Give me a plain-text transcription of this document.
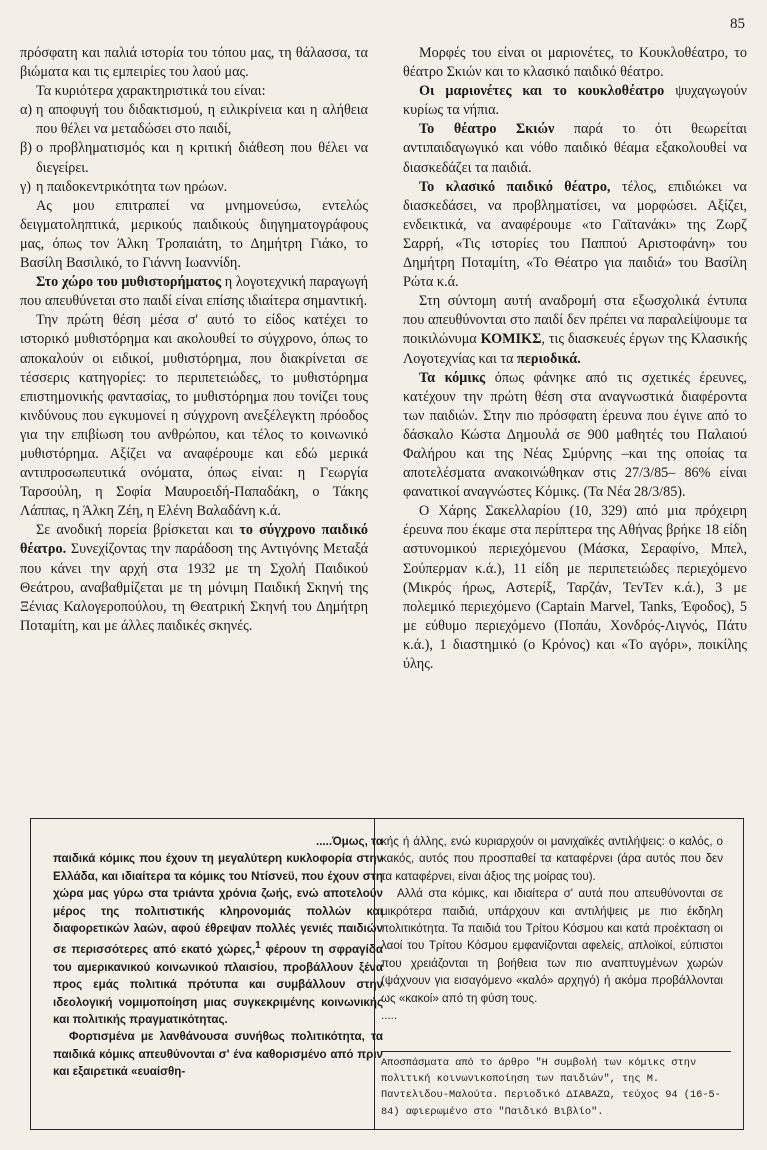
85

πρόσφατη και παλιά ιστορία του τόπου μας, τη θάλασσα, τα βιώματα και τις εμπειρίες του λαού μας.

Τα κυριότερα χαρακτηριστικά του είναι:

α) η αποφυγή του διδακτισμού, η ειλικρίνεια και η αλήθεια που θέλει να μεταδώσει στο παιδί,

β) ο προβληματισμός και η κριτική διάθεση που θέλει να διεγείρει.

γ) η παιδοκεντρικότητα των ηρώων.

Ας μου επιτραπεί να μνημονεύσω, εντελώς δειγματοληπτικά, μερικούς παιδικούς διηγηματογράφους μας, όπως τον Άλκη Τροπαιάτη, το Δημήτρη Γιάκο, το Βασίλη Βασιλικό, το Γιάννη Ιωαννίδη.

Στο χώρο του μυθιστορήματος η λογοτεχνική παραγωγή που απευθύνεται στο παιδί είναι επίσης ιδιαίτερα σημαντική.

Την πρώτη θέση μέσα σ' αυτό το είδος κατέχει το ιστορικό μυθιστόρημα και ακολουθεί το σύγχρονο, όπως το αποκαλούν οι ειδικοί, μυθιστόρημα, που διακρίνεται σε τέσσερις κατηγορίες: το περιπετειώδες, το μυθιστόρημα επιστημονικής φαντασίας, το μυθιστόρημα που τονίζει τους κινδύνους που εγκυμονεί η σύγχρονη ανεξέλεγκτη πρόοδος για την επιβίωση του ανθρώπου, και τέλος το κοινωνικό μυθιστόρημα. Αξίζει να αναφέρουμε και εδώ μερικά αντιπροσωπευτικά ονόματα, όπως είναι: η Γεωργία Ταρσούλη, η Σοφία Μαυροειδή-Παπαδάκη, ο Τάκης Λάππας, η Άλκη Ζέη, η Ελένη Βαλαδάνη κ.ά.

Σε ανοδική πορεία βρίσκεται και το σύγχρονο παιδικό θέατρο. Συνεχίζοντας την παράδοση της Αντιγόνης Μεταξά που κάνει την αρχή στα 1932 με τη Σχολή Παιδικού Θεάτρου, αναβαθμίζεται με τη μόνιμη Παιδική Σκηνή της Ξένιας Καλογεροπούλου, τη Θεατρική Σκηνή του Δημήτρη Ποταμίτη, και με άλλες παιδικές σκηνές.

Μορφές του είναι οι μαριονέτες, το Κουκλοθέατρο, το θέατρο Σκιών και το κλασικό παιδικό θέατρο.

Οι μαριονέτες και το κουκλοθέατρο ψυχαγωγούν κυρίως τα νήπια.

Το θέατρο Σκιών παρά το ότι θεωρείται αντιπαιδαγωγικό και νόθο παιδικό θέαμα εξακολουθεί να διασκεδάζει τα παιδιά.

Το κλασικό παιδικό θέατρο, τέλος, επιδιώκει να διασκεδάσει, να προβληματίσει, να μορφώσει. Αξίζει, ενδεικτικά, να αναφέρουμε «το Γαϊτανάκι» της Ζωρζ Σαρρή, «Τις ιστορίες του Παππού Αριστοφάνη» του Δημήτρη Ποταμίτη, «Το Θέατρο για παιδιά» του Βασίλη Ρώτα κ.ά.

Στη σύντομη αυτή αναδρομή στα εξωσχολικά έντυπα που απευθύνονται στο παιδί δεν πρέπει να παραλείψουμε τα ποικιλώνυμα ΚΟΜΙΚΣ, τις διασκευές έργων της Κλασικής Λογοτεχνίας και τα περιοδικά.

Τα κόμικς όπως φάνηκε από τις σχετικές έρευνες, κατέχουν την πρώτη θέση στα αναγνωστικά διαφέροντα των παιδιών. Στην πιο πρόσφατη έρευνα που έγινε από το δάσκαλο Κώστα Δημουλά σε 900 μαθητές του Παλαιού Φαλήρου και της Νέας Σμύρνης –και της οποίας τα αποτελέσματα ανακοινώθηκαν στις 27/3/85– 86% είναι φανατικοί αναγνώστες Κόμικς. (Τα Νέα 28/3/85).

Ο Χάρης Σακελλαρίου (10, 329) από μια πρόχειρη έρευνα που έκαμε στα περίπτερα της Αθήνας βρήκε 18 είδη αστυνομικού περιεχόμενου (Μάσκα, Σεραφίνο, Μπελ, Σούπερμαν κ.ά.), 11 είδη με περιπετειώδες περιεχόμενο (Μικρός ήρως, Αστερίξ, Ταρζάν, ΤενΤεν κ.ά.), 3 με πολεμικό περιεχόμενο (Captain Marvel, Tanks, Έφοδος), 5 με εύθυμο περιεχόμενο (Ποπάυ, Χονδρός-Λιγνός, Πάτυ κ.ά.), 1 διαστημικό (ο Κρόνος) και «Το αγόρι», ποικίλης ύλης.

.....Όμως, τα

παιδικά κόμικς που έχουν τη μεγαλύτερη κυκλοφορία στην Ελλάδα, και ιδιαίτερα τα κόμικς του Ντίσνεϋ, που έχουν στη χώρα μας γύρω στα τριάντα χρόνια ζωής, ενώ αποτελούν μέρος της πολιτιστικής κληρονομιάς πολλών και διαφορετικών λαών, αφού έθρεψαν πολλές γενιές παιδιών σε περισσότερες από εκατό χώρες,$^1$ φέρουν τη σφραγίδα του αμερικανικού κοινωνικού πλαισίου, προβάλλουν ξένα προς εμάς πολιτικά πρότυπα και συμβάλλουν στην ιδεολογική νομιμοποίηση μιας συγκεκριμένης κοινωνικής και πολιτικής πραγματικότητας.

Φορτισμένα με λανθάνουσα συνήθως πολιτικότητα, τα παιδικά κόμικς απευθύνονται σ' ένα καθορισμένο από πριν και εξαιρετικά «ευαίσθη-

κής ή άλλης, ενώ κυριαρχούν οι μανιχαϊκές αντιλήψεις: ο καλός, ο κακός, αυτός που προσπαθεί τα καταφέρνει (άρα αυτός που δεν τα καταφέρνει, είναι άξιος της μοίρας του).

Αλλά στα κόμικς, και ιδιαίτερα σ' αυτά που απευθύνονται σε μικρότερα παιδιά, υπάρχουν και αντιλήψεις με πιο έκδηλη πολιτικότητα. Τα παιδιά του Τρίτου Κόσμου και κατά προέκταση οι λαοί του Τρίτου Κόσμου εμφανίζονται αφελείς, απλοϊκοί, εύπιστοι που χρειάζονται τη βοήθεια των πιο αναπτυγμένων χωρών (ψάχνουν για εισαγόμενο «καλό» αρχηγό) ή ακόμα προβάλλονται ως «κακοί» από τη φύση τους.

.....

Αποσπάσματα από το άρθρο "Η συμβολή των κόμικς στην πολιτική κοινωνικοποίηση των παιδιών", της Μ. Παντελιδου-Μαλούτα. Περιοδικό ΔΙΑΒΑΖΩ, τεύχος 94 (16-5-84) αφιερωμένο στο "Παιδικό Βιβλίο".
